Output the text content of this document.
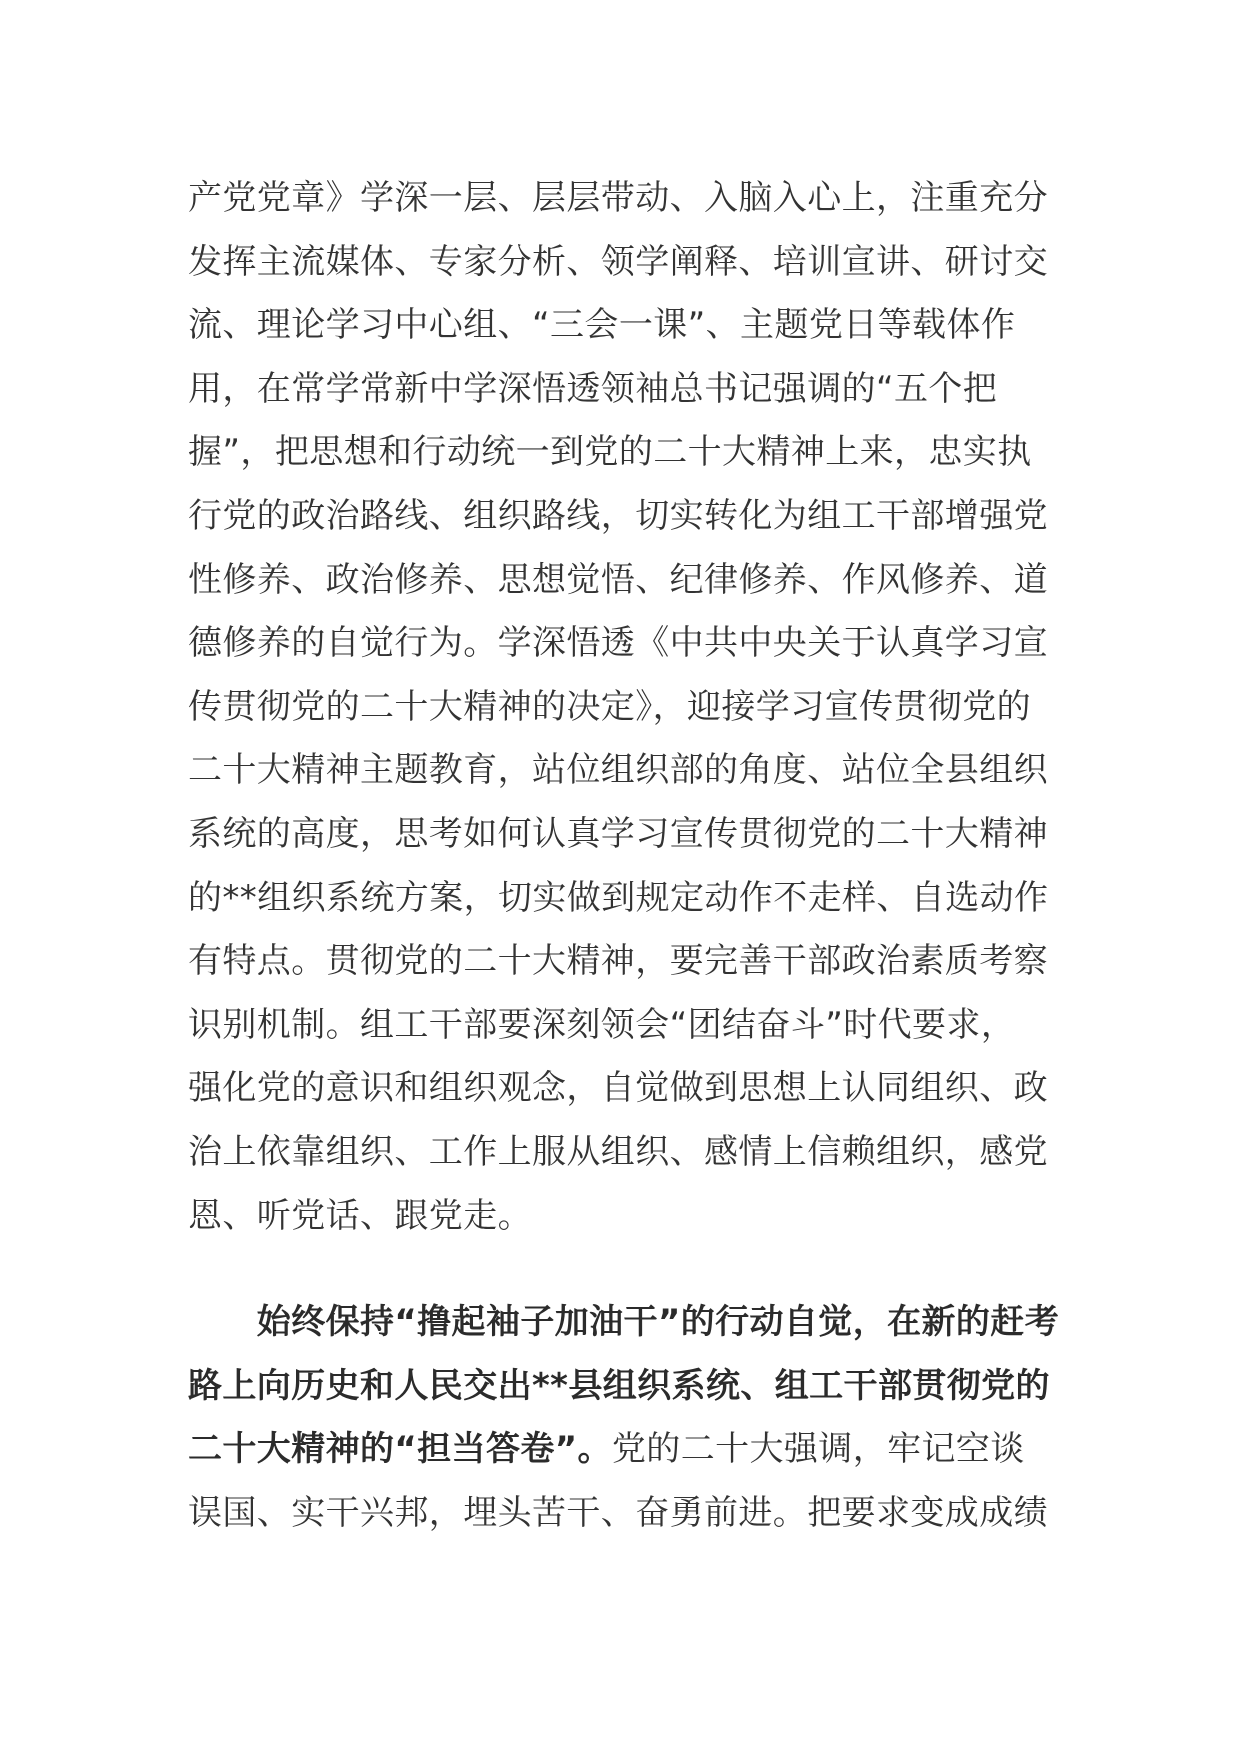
产党党章》学深一层、层层带动、入脑入心上，注重充分
发挥主流媒体、专家分析、领学阐释、培训宣讲、研讨交
流、理论学习中心组、“三会一课”、主题党日等载体作
用，在常学常新中学深悟透领袖总书记强调的“五个把
握”，把思想和行动统一到党的二十大精神上来，忠实执
行党的政治路线、组织路线，切实转化为组工干部增强党
性修养、政治修养、思想觉悟、纪律修养、作风修养、道
德修养的自觉行为。学深悟透《中共中央关于认真学习宣
传贯彻党的二十大精神的决定》，迎接学习宣传贯彻党的
二十大精神主题教育，站位组织部的角度、站位全县组织
系统的高度，思考如何认真学习宣传贯彻党的二十大精神
的**组织系统方案，切实做到规定动作不走样、自选动作
有特点。贯彻党的二十大精神，要完善干部政治素质考察
识别机制。组工干部要深刻领会“团结奋斗”时代要求，
强化党的意识和组织观念，自觉做到思想上认同组织、政
治上依靠组织、工作上服从组织、感情上信赖组织，感党
恩、听党话、跟党走。
　　始终保持“撸起袖子加油干”的行动自觉，在新的赶考
路上向历史和人民交出**县组织系统、组工干部贯彻党的
二十大精神的“担当答卷”。党的二十大强调，牢记空谈
误国、实干兴邦，埋头苦干、奋勇前进。把要求变成成绩
